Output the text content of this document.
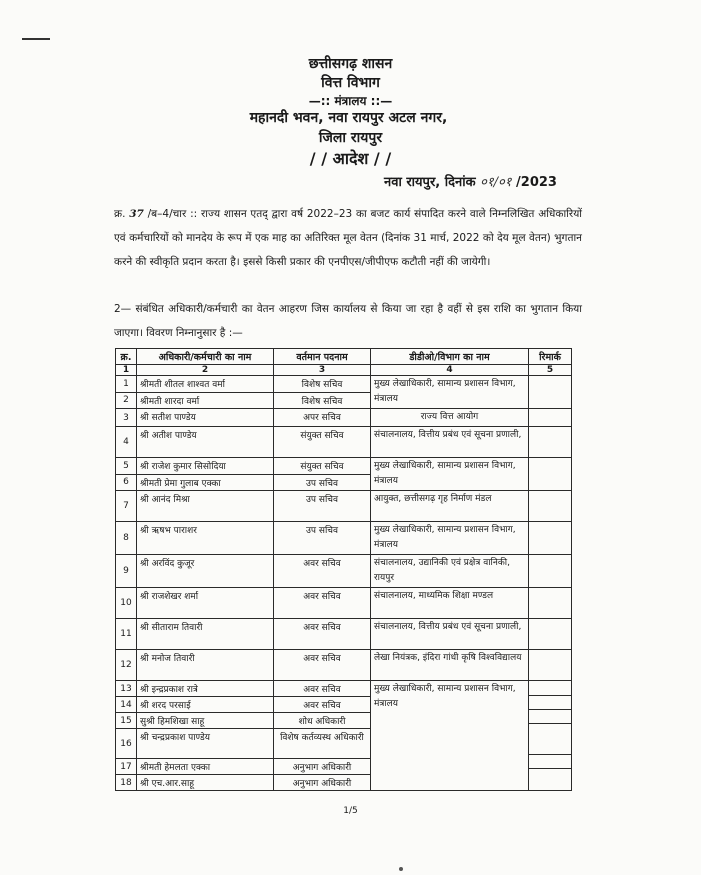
छत्तीसगढ़ शासन
वित्त विभाग
—:: मंत्रालय ::—
महानदी भवन, नवा रायपुर अटल नगर,
जिला रायपुर
/ / आदेश / /
नवा रायपुर, दिनांक ०१/०१ /2023
क्र. 37 /ब–4/चार :: राज्य शासन एतद् द्वारा वर्ष 2022–23 का बजट कार्य संपादित करने वाले निम्नलिखित अधिकारियों एवं कर्मचारियों को मानदेय के रूप में एक माह का अतिरिक्त मूल वेतन (दिनांक 31 मार्च, 2022 को देय मूल वेतन) भुगतान करने की स्वीकृति प्रदान करता है। इससे किसी प्रकार की एनपीएस/जीपीएफ कटौती नहीं की जायेगी।
2— संबंधित अधिकारी/कर्मचारी का वेतन आहरण जिस कार्यालय से किया जा रहा है वहीं से इस राशि का भुगतान किया जाएगा। विवरण निम्नानुसार है :—
क्र.	अधिकारी/कर्मचारी का नाम	वर्तमान पदनाम	डीडीओ/विभाग का नाम	रिमार्क
1	2	3	4	5
1	श्रीमती शीतल शाश्वत वर्मा	विशेष सचिव	मुख्य लेखाधिकारी, सामान्य प्रशासन विभाग, मंत्रालय	
2	श्रीमती शारदा वर्मा	विशेष सचिव		
3	श्री सतीश पाण्डेय	अपर सचिव	राज्य वित्त आयोग	
4	श्री अतीश पाण्डेय	संयुक्त सचिव	संचालनालय, वित्तीय प्रबंध एवं सूचना प्रणाली,	
5	श्री राजेश कुमार सिसोदिया	संयुक्त सचिव	मुख्य लेखाधिकारी, सामान्य प्रशासन विभाग, मंत्रालय	
6	श्रीमती प्रेमा गुलाब एक्का	उप सचिव		
7	श्री आनंद मिश्रा	उप सचिव	आयुक्त, छत्तीसगढ़ गृह निर्माण मंडल	
8	श्री ऋषभ पाराशर	उप सचिव	मुख्य लेखाधिकारी, सामान्य प्रशासन विभाग, मंत्रालय	
9	श्री अरविंद कुजूर	अवर सचिव	संचालनालय, उद्यानिकी एवं प्रक्षेत्र वानिकी, रायपुर	
10	श्री राजशेखर शर्मा	अवर सचिव	संचालनालय, माध्यमिक शिक्षा मण्डल	
11	श्री सीताराम तिवारी	अवर सचिव	संचालनालय, वित्तीय प्रबंध एवं सूचना प्रणाली,	
12	श्री मनोज तिवारी	अवर सचिव	लेखा नियंत्रक, इंदिरा गांधी कृषि विश्वविद्यालय	
13	श्री इन्द्रप्रकाश रात्रे	अवर सचिव	मुख्य लेखाधिकारी, सामान्य प्रशासन विभाग, मंत्रालय	

14	श्री शरद परसाई	अवर सचिव		
15	सुश्री हिमशिखा साहू	शोध अधिकारी		
16	श्री चन्द्रप्रकाश पाण्डेय	विशेष कर्तव्यस्थ अधिकारी		
17	श्रीमती हेमलता एक्का	अनुभाग अधिकारी		
18	श्री एच.आर.साहू	अनुभाग अधिकारी		
1/5
